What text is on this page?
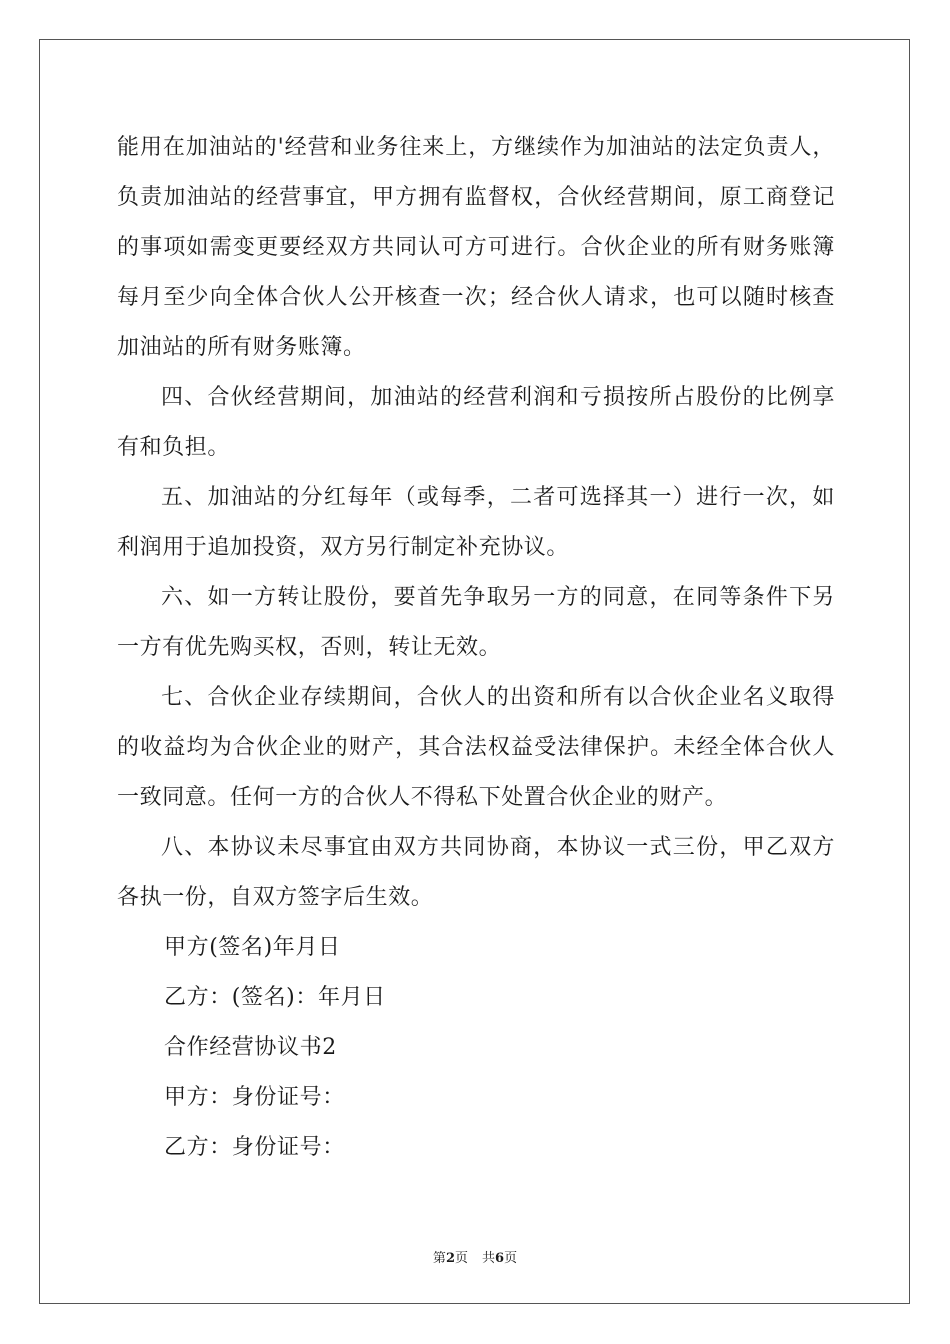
能用在加油站的'经营和业务往来上，方继续作为加油站的法定负责人，负责加油站的经营事宜，甲方拥有监督权，合伙经营期间，原工商登记的事项如需变更要经双方共同认可方可进行。合伙企业的所有财务账簿每月至少向全体合伙人公开核查一次；经合伙人请求，也可以随时核查加油站的所有财务账簿。

四、合伙经营期间，加油站的经营利润和亏损按所占股份的比例享有和负担。

五、加油站的分红每年（或每季，二者可选择其一）进行一次，如利润用于追加投资，双方另行制定补充协议。

六、如一方转让股份，要首先争取另一方的同意，在同等条件下另一方有优先购买权，否则，转让无效。

七、合伙企业存续期间，合伙人的出资和所有以合伙企业名义取得的收益均为合伙企业的财产，其合法权益受法律保护。未经全体合伙人一致同意。任何一方的合伙人不得私下处置合伙企业的财产。

八、本协议未尽事宜由双方共同协商，本协议一式三份，甲乙双方各执一份，自双方签字后生效。

甲方(签名)年月日

乙方：(签名)：年月日

合作经营协议书2

甲方：身份证号：

乙方：身份证号：

第2页 共6页
